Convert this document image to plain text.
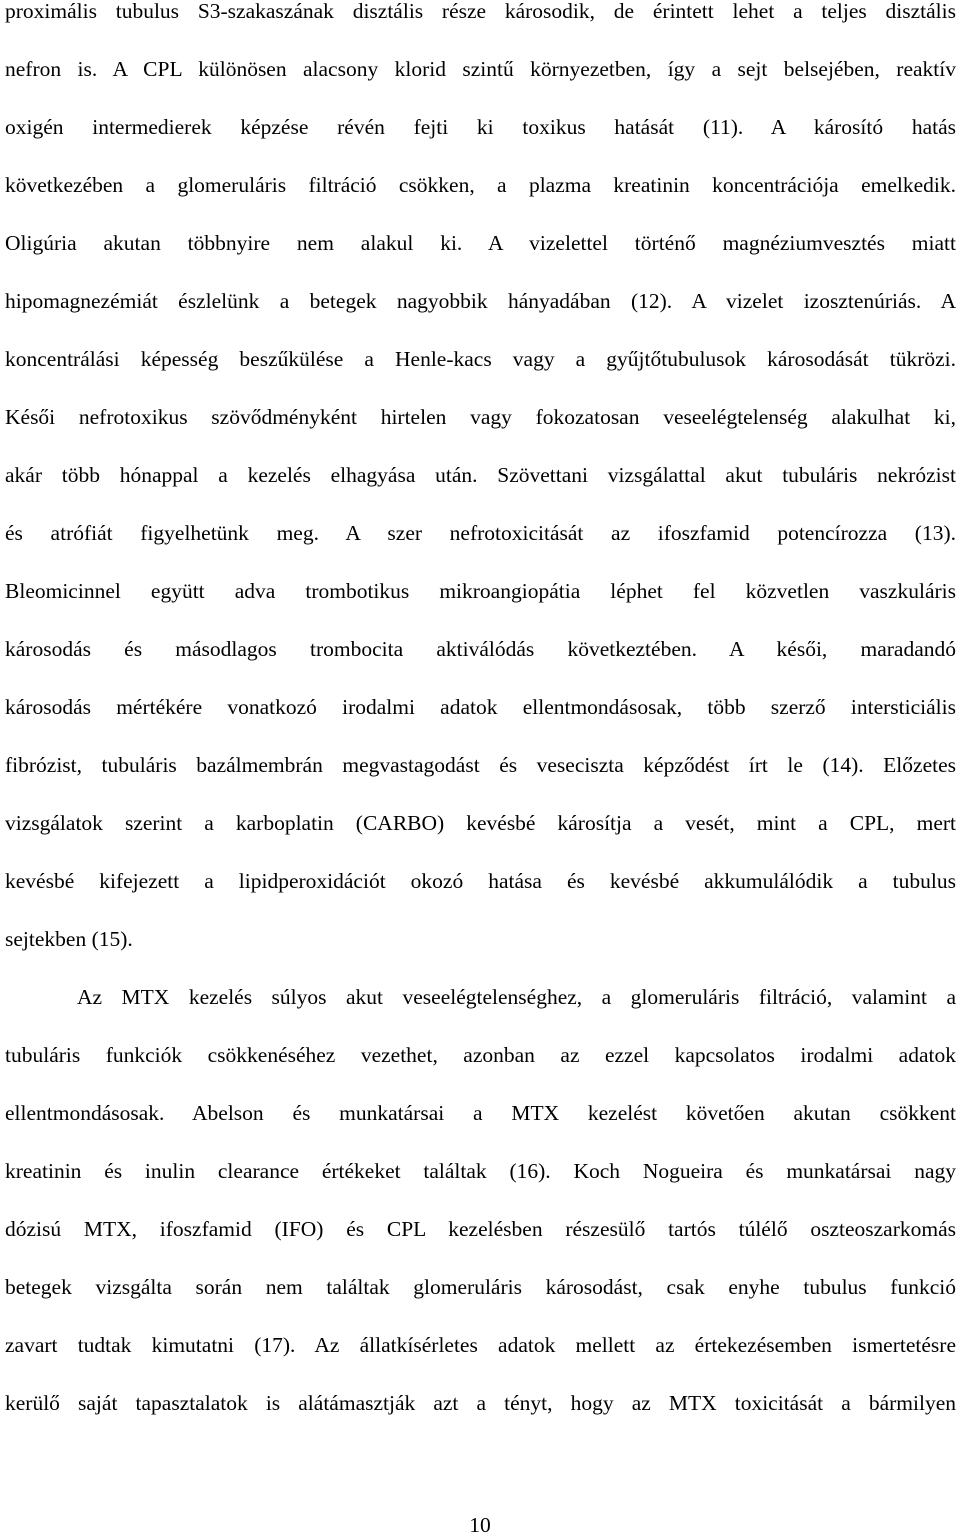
proximális tubulus S3-szakaszának disztális része károsodik, de érintett lehet a teljes disztális
nefron is. A CPL különösen alacsony klorid szintű környezetben, így a sejt belsejében, reaktív
oxigén intermedierek képzése révén fejti ki toxikus hatását (11). A károsító hatás
következében a glomeruláris filtráció csökken, a plazma kreatinin koncentrációja emelkedik.
Oligúria akutan többnyire nem alakul ki. A vizelettel történő magnéziumvesztés miatt
hipomagnezémiát észlelünk a betegek nagyobbik hányadában (12). A vizelet izosztenúriás. A
koncentrálási képesség beszűkülése a Henle-kacs vagy a gyűjtőtubulusok károsodását tükrözi.
Késői nefrotoxikus szövődményként hirtelen vagy fokozatosan veseelégtelenség alakulhat ki,
akár több hónappal a kezelés elhagyása után. Szövettani vizsgálattal akut tubuláris nekrózist
és atrófiát figyelhetünk meg. A szer nefrotoxicitását az ifoszfamid potencírozza (13).
Bleomicinnel együtt adva trombotikus mikroangiopátia léphet fel közvetlen vaszkuláris
károsodás és másodlagos trombocita aktiválódás következtében. A késői, maradandó
károsodás mértékére vonatkozó irodalmi adatok ellentmondásosak, több szerző intersticiális
fibrózist, tubuláris bazálmembrán megvastagodást és vesecisztа képződést írt le (14). Előzetes
vizsgálatok szerint a karboplatin (CARBO) kevésbé károsítja a vesét, mint a CPL, mert
kevésbé kifejezett a lipidperoxidációt okozó hatása és kevésbé akkumulálódik a tubulus
sejtekben (15).
Az MTX kezelés súlyos akut veseelégtelenséghez, a glomeruláris filtráció, valamint a
tubuláris funkciók csökkenéséhez vezethet, azonban az ezzel kapcsolatos irodalmi adatok
ellentmondásosak. Abelson és munkatársai a MTX kezelést követően akutan csökkent
kreatinin és inulin clearance értékeket találtak (16). Koch Nogueira és munkatársai nagy
dózisú MTX, ifoszfamid (IFO) és CPL kezelésben részesülő tartós túlélő oszteoszarkomás
betegek vizsgálta során nem találtak glomeruláris károsodást, csak enyhe tubulus funkció
zavart tudtak kimutatni (17). Az állatkísérletes adatok mellett az értekezésemben ismertetésre
kerülő saját tapasztalatok is alátámasztják azt a tényt, hogy az MTX toxicitását a bármilyen
10
